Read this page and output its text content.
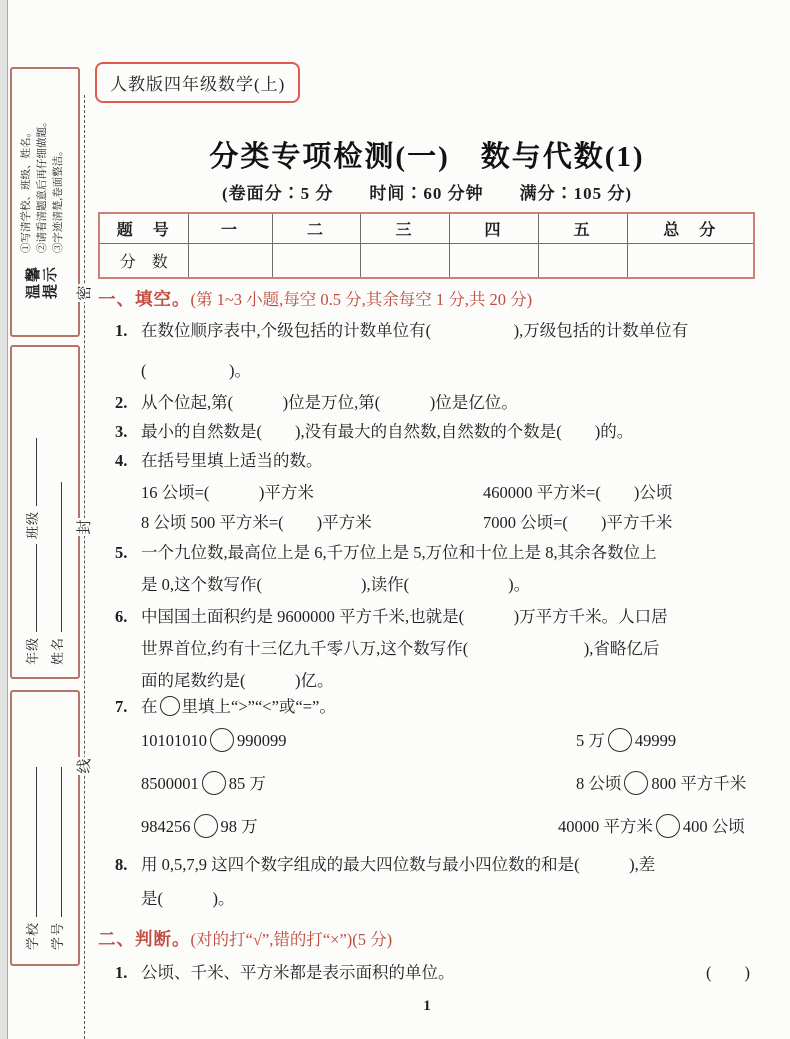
温馨提示
①写清学校、班级、姓名。 ②请看清题意后再仔细做题。 ③字迹清楚,卷面整洁。
年级班级
姓名
学校 学号
密
封
线
人教版四年级数学(上)
分类专项检测(一)　数与代数(1)
(卷面分∶5 分　　时间∶60 分钟　　满分∶105 分)
题　号	一	二	三	四	五	总　分
分　数						
一、填空。(第 1~3 小题,每空 0.5 分,其余每空 1 分,共 20 分)
1. 在数位顺序表中,个级包括的计数单位有(　　　　　),万级包括的计数单位有
(　　　　　)。
2. 从个位起,第(　　　)位是万位,第(　　　)位是亿位。
3. 最小的自然数是(　　),没有最大的自然数,自然数的个数是(　　)的。
4. 在括号里填上适当的数。
16 公顷=(　　　)平方米	460000 平方米=(　　)公顷
8 公顷 500 平方米=(　　)平方米	7000 公顷=(　　)平方千米
5. 一个九位数,最高位上是 6,千万位上是 5,万位和十位上是 8,其余各数位上
是 0,这个数写作(　　　　　　),读作(　　　　　　)。
6. 中国国土面积约是 9600000 平方千米,也就是(　　　)万平方千米。人口居
世界首位,约有十三亿九千零八万,这个数写作(　　　　　　　),省略亿后
面的尾数约是(　　　)亿。
7. 在 里填上“>”“<”或“=”。
10101010 990099	5 万 49999
8500001 85 万	8 公顷 800 平方千米
984256 98 万	40000 平方米 400 公顷
8. 用 0,5,7,9 这四个数字组成的最大四位数与最小四位数的和是(　　　),差
是(　　　)。
二、判断。(对的打“√”,错的打“×”)(5 分)
1. 公顷、千米、平方米都是表示面积的单位。	(　　)
1
